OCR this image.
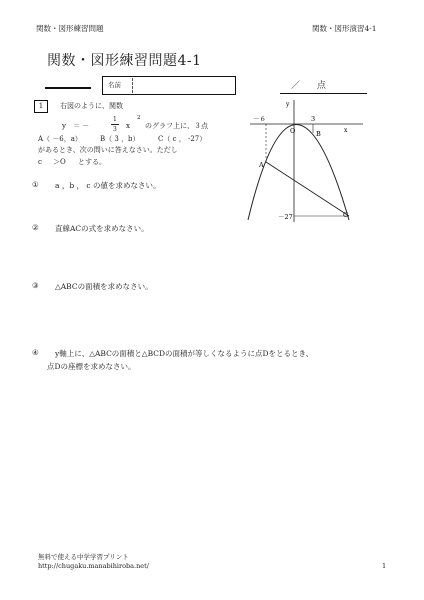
関数・図形練習問題	関数・図形演習4-1
関数・図形練習問題4-1
名前	／ 点
1	右図のように、関数
y　＝ －
1
3 x
2
のグラフ上に、３点
A（ －6，a）	B（ 3 ，b）	C（ c ， -27）
があるとき、次の問いに答えなさい。ただし
c ＞O とする。
y
x
O
－６	3
A
B
C
－27
① a ，b ， c の値を求めなさい。
② 直線ACの式を求めなさい。
③ △ABCの面積を求めなさい。
④ y軸上に、△ABCの面積と△BCDの面積が等しくなるように点Dをとるとき、
点Dの座標を求めなさい。
無料で使える中学学習プリント
http://chugaku.manabihiroba.net/	1
